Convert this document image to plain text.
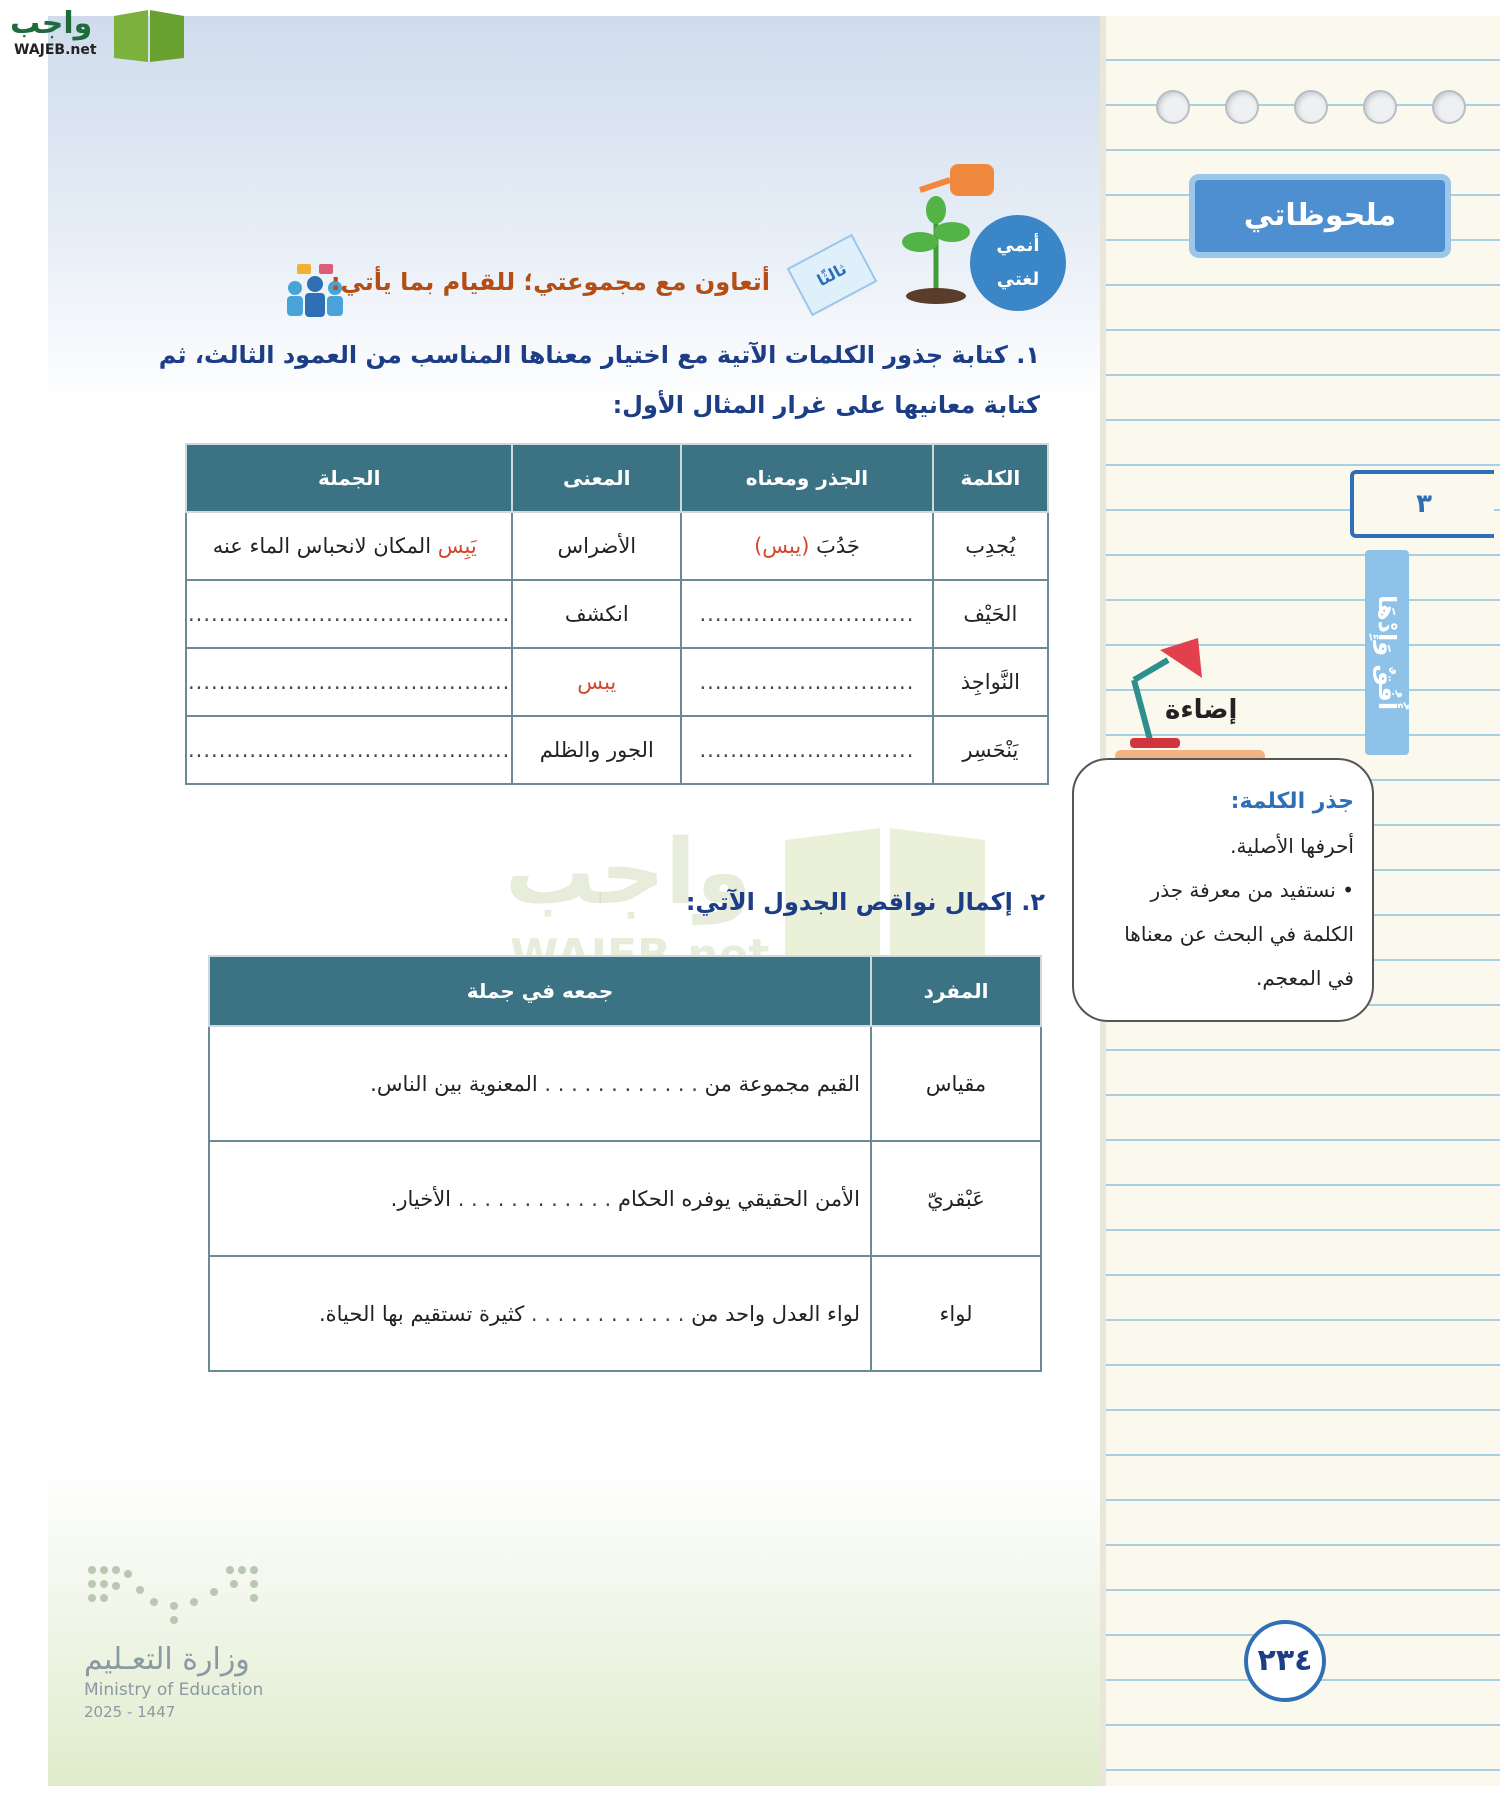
ملحوظاتي
٣
أُفُقٌ وَإِدْهَا
إضاءة
جذر الكلمة:
أحرفها الأصلية.
• نستفيد من معرفة جذر
الكلمة في البحث عن معناها
في المعجم.
واجب
WAJEB.net
أنمي
لغتي
ثالثًا
أتعاون مع مجموعتي؛ للقيام بما يأتي:
١. كتابة جذور الكلمات الآتية مع اختيار معناها المناسب من العمود الثالث، ثم
كتابة معانيها على غرار المثال الأول:
الكلمة	الجذر ومعناه	المعنى	الجملة
يُجدِب	جَدُبَ (يبس)	الأضراس	يَبِس المكان لانحباس الماء عنه
الحَيْف	............................	انكشف	..........................................
النَّواجِذ	............................	يبس	..........................................
يَنْحَسِر	............................	الجور والظلم	..........................................
واجب
٢. إكمال نواقص الجدول الآتي:
المفرد	جمعه في جملة
مقياس	القيم مجموعة من . . . . . . . . . . . . المعنوية بين الناس.
عَبْقريّ	الأمن الحقيقي يوفره الحكام . . . . . . . . . . . . الأخيار.
لواء	لواء العدل واحد من . . . . . . . . . . . . كثيرة تستقيم بها الحياة.
وزارة التعـليم
Ministry of Education
2025 - 1447
٢٣٤
